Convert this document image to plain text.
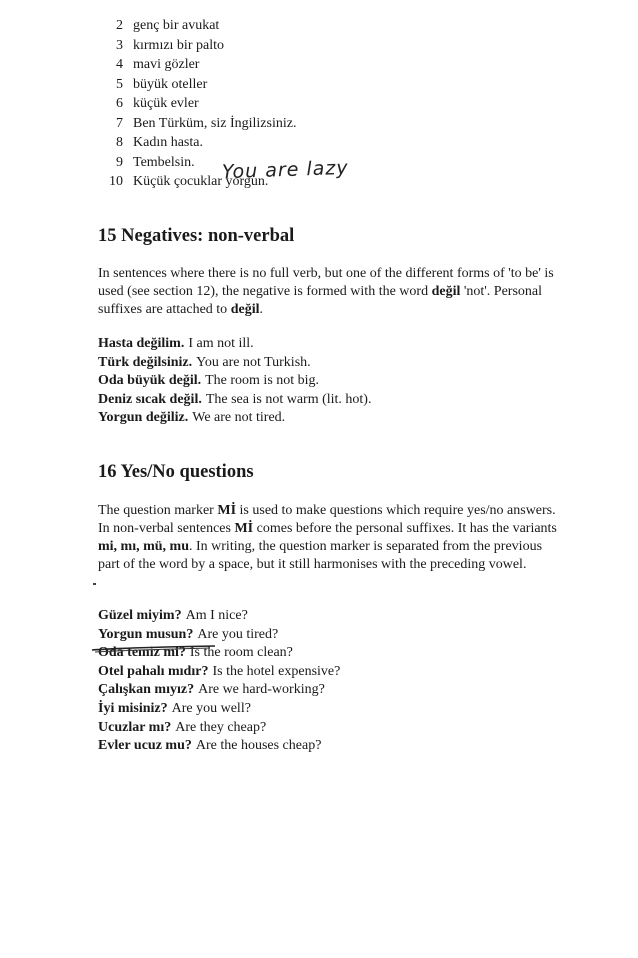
2 genç bir avukat
3 kırmızı bir palto
4 mavi gözler
5 büyük oteller
6 küçük evler
7 Ben Türküm, siz İngilizsiniz.
8 Kadın hasta.
9 Tembelsin.
10 Küçük çocuklar yorgun.
You are lazy
15 Negatives: non-verbal

In sentences where there is no full verb, but one of the different forms of 'to be' is used (see section 12), the negative is formed with the word değil 'not'. Personal suffixes are attached to değil.

Hasta değilim. I am not ill.
Türk değilsiniz. You are not Turkish.
Oda büyük değil. The room is not big.
Deniz sıcak değil. The sea is not warm (lit. hot).
Yorgun değiliz. We are not tired.
16 Yes/No questions

The question marker Mİ is used to make questions which require yes/no answers. In non-verbal sentences Mİ comes before the personal suffixes. It has the variants mi, mı, mü, mu. In writing, the question marker is separated from the previous part of the word by a space, but it still harmonises with the preceding vowel.

Güzel miyim? Am I nice?
Yorgun musun? Are you tired?
Oda temiz mi? Is the room clean?
Otel pahalı mıdır? Is the hotel expensive?
Çalışkan mıyız? Are we hard-working?
İyi misiniz? Are you well?
Ucuzlar mı? Are they cheap?
Evler ucuz mu? Are the houses cheap?
